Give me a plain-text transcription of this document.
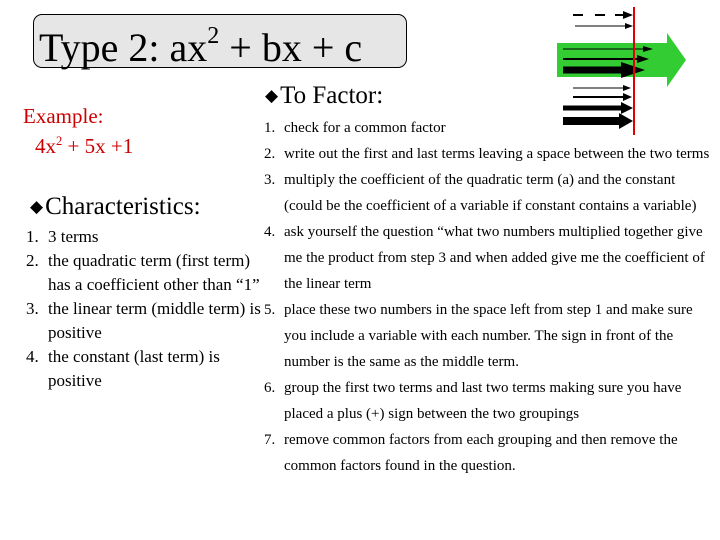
Type 2: $ax^2$ + bx + c
Example:
$4x^2 + 5x +1$
◆Characteristics:
1. 3 terms
2. the quadratic term (first term) has a coefficient other than “1”
3. the linear term (middle term) is positive
4. the constant (last term) is positive
◆To Factor:
1. check for a common factor
2. write out the first and last terms leaving a space between the two terms
3. multiply the coefficient of the quadratic term (a) and the constant (could be the coefficient of a variable if constant contains a variable)
4. ask yourself the question “what two numbers multiplied together give me the product from step 3 and when added give me the coefficient of the linear term
5. place these two numbers in the space left from step 1 and make sure you include a variable with each number. The sign in front of the number is the same as the middle term.
6. group the first two terms and last two terms making sure you have placed a plus (+) sign between the two groupings
7. remove common factors from each grouping and then remove the common factors found in the question.
